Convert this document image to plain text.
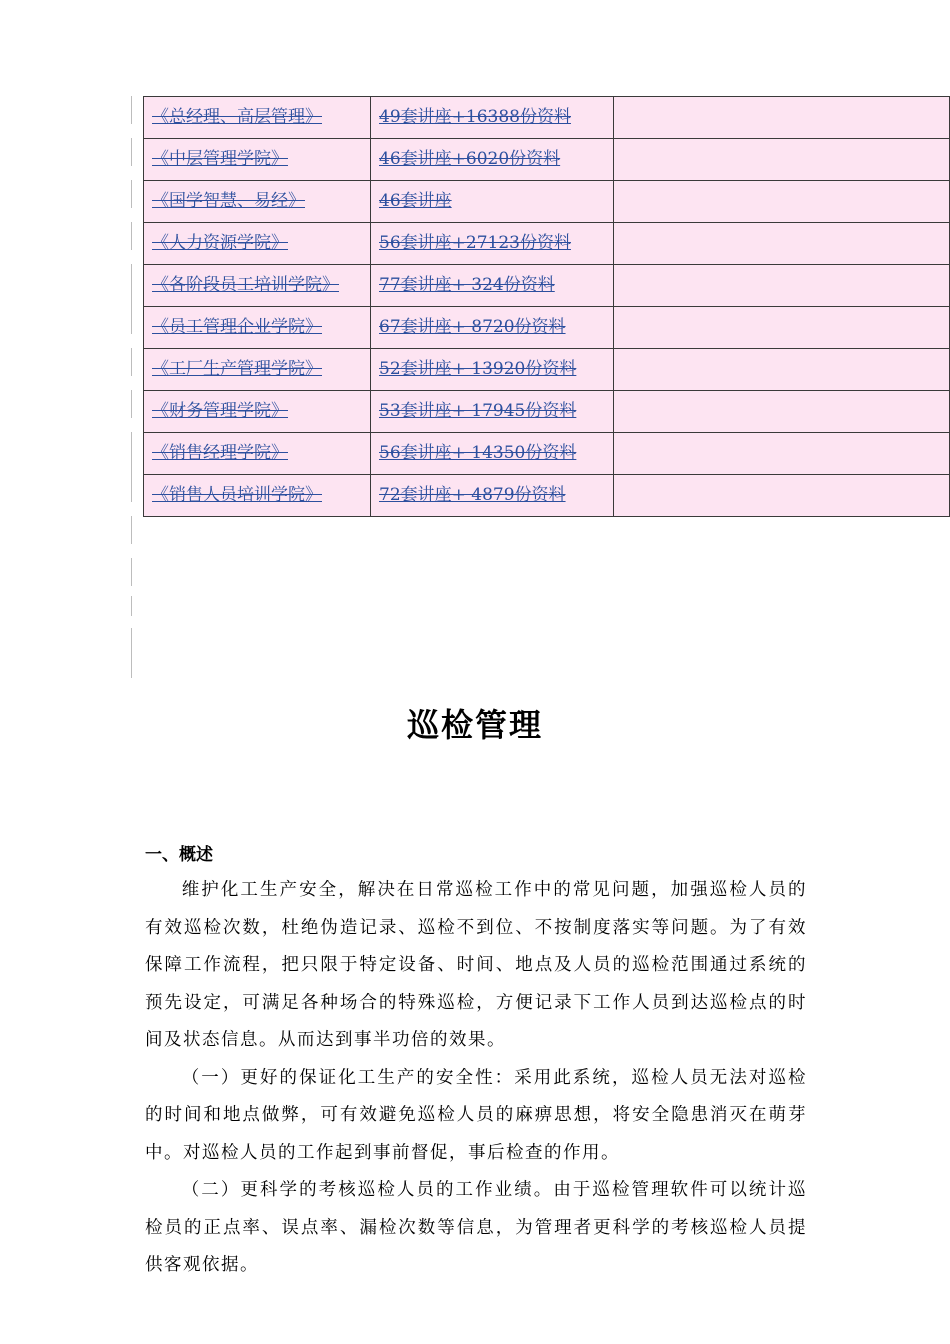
《总经理、高层管理》	49套讲座+16388份资料	
《中层管理学院》	46套讲座+6020份资料	
《国学智慧、易经》	46套讲座	
《人力资源学院》	56套讲座+27123份资料	
《各阶段员工培训学院》	77套讲座+ 324份资料	
《员工管理企业学院》	67套讲座+ 8720份资料	
《工厂生产管理学院》	52套讲座+ 13920份资料	
《财务管理学院》	53套讲座+ 17945份资料	
《销售经理学院》	56套讲座+ 14350份资料	
《销售人员培训学院》	72套讲座+ 4879份资料	
巡检管理
一、概述

维护化工生产安全，解决在日常巡检工作中的常见问题，加强巡检人员的有效巡检次数，杜绝伪造记录、巡检不到位、不按制度落实等问题。为了有效保障工作流程，把只限于特定设备、时间、地点及人员的巡检范围通过系统的预先设定，可满足各种场合的特殊巡检，方便记录下工作人员到达巡检点的时间及状态信息。从而达到事半功倍的效果。

（一）更好的保证化工生产的安全性：采用此系统，巡检人员无法对巡检的时间和地点做弊，可有效避免巡检人员的麻痹思想，将安全隐患消灭在萌芽中。对巡检人员的工作起到事前督促，事后检查的作用。

（二）更科学的考核巡检人员的工作业绩。由于巡检管理软件可以统计巡检员的正点率、误点率、漏检次数等信息，为管理者更科学的考核巡检人员提供客观依据。
